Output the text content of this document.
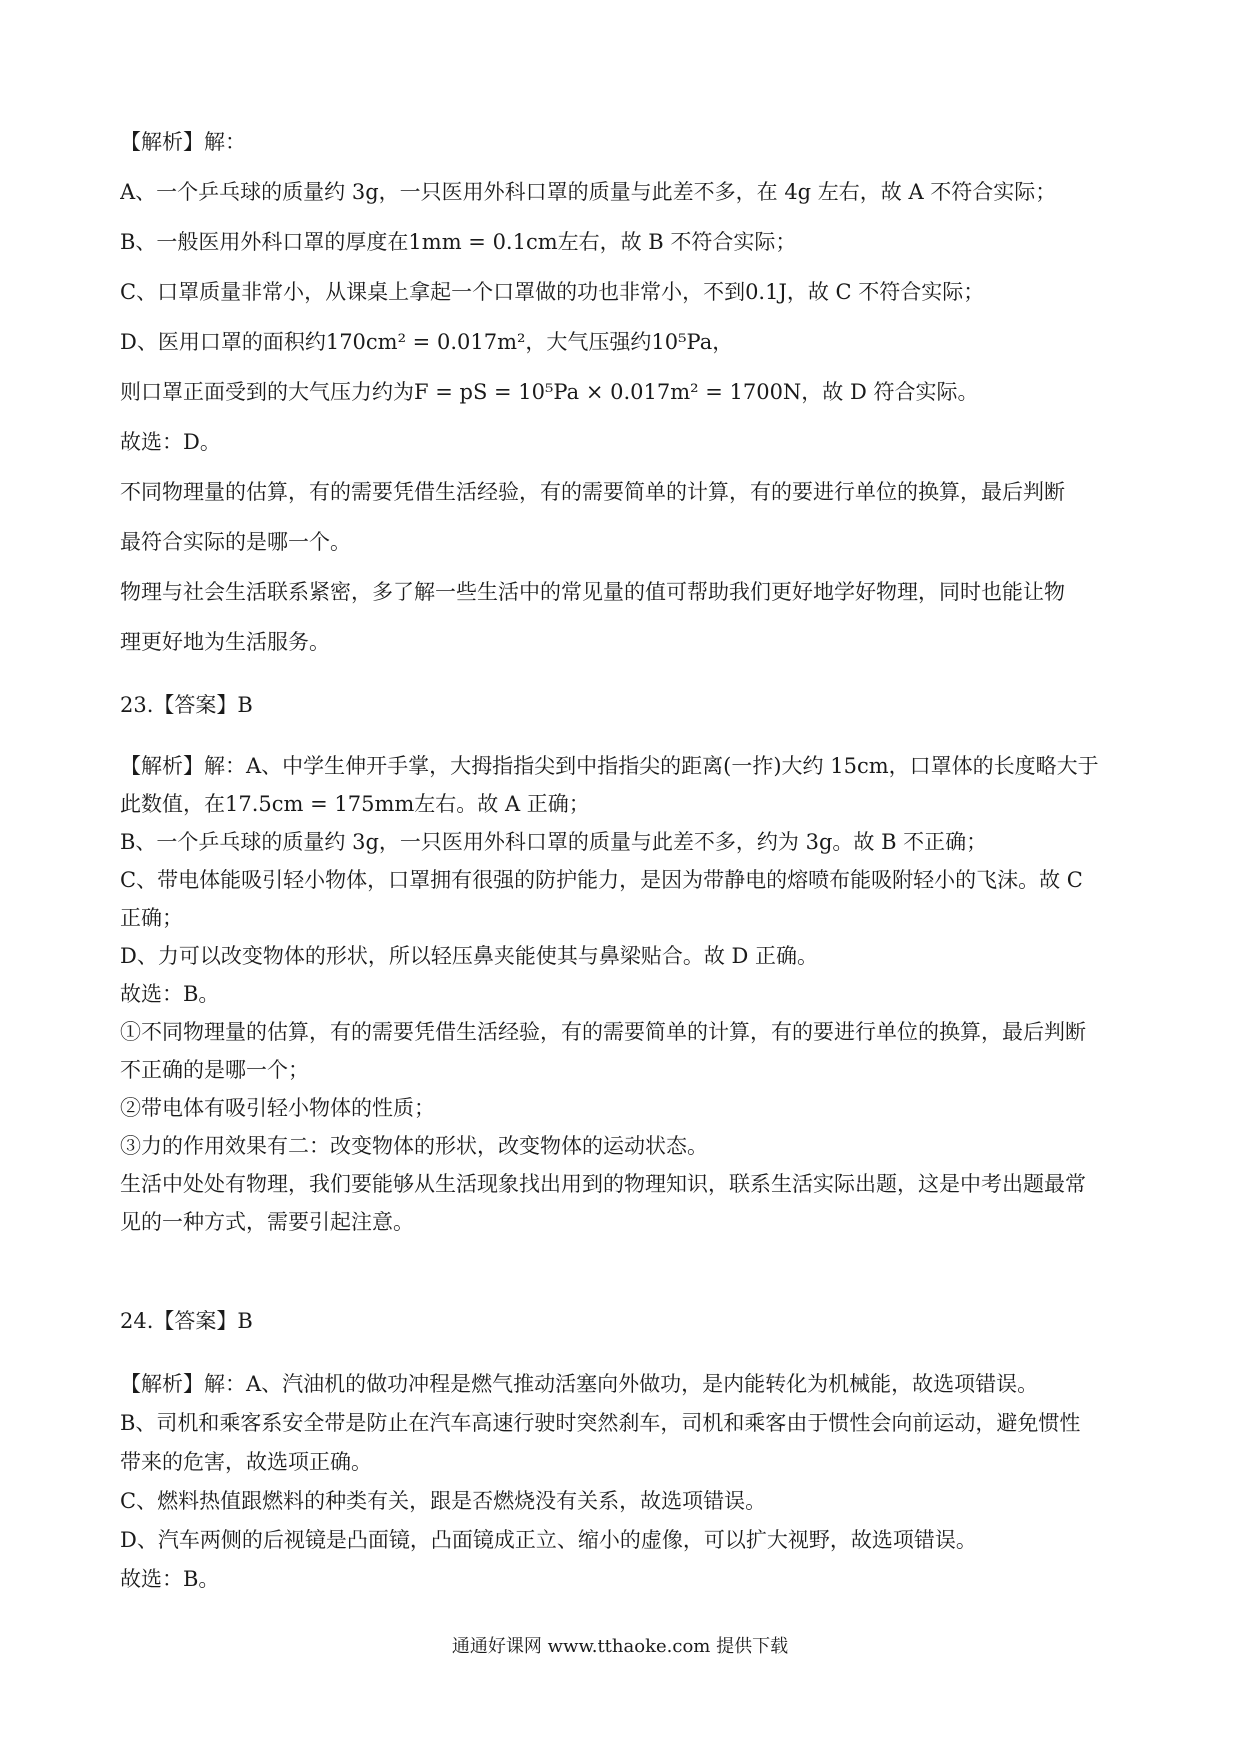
【解析】解：
A、一个乒乓球的质量约 3g，一只医用外科口罩的质量与此差不多，在 4g 左右，故 A 不符合实际；
B、一般医用外科口罩的厚度在1mm = 0.1cm左右，故 B 不符合实际；
C、口罩质量非常小，从课桌上拿起一个口罩做的功也非常小，不到0.1J，故 C 不符合实际；
D、医用口罩的面积约170cm² = 0.017m²，大气压强约10⁵Pa，
则口罩正面受到的大气压力约为F = pS = 10⁵Pa × 0.017m² = 1700N，故 D 符合实际。
故选：D。
不同物理量的估算，有的需要凭借生活经验，有的需要简单的计算，有的要进行单位的换算，最后判断
最符合实际的是哪一个。
物理与社会生活联系紧密，多了解一些生活中的常见量的值可帮助我们更好地学好物理，同时也能让物
理更好地为生活服务。
23.【答案】B
【解析】解：A、中学生伸开手掌，大拇指指尖到中指指尖的距离(一拃)大约 15cm，口罩体的长度略大于
此数值，在17.5cm = 175mm左右。故 A 正确；
B、一个乒乓球的质量约 3g，一只医用外科口罩的质量与此差不多，约为 3g。故 B 不正确；
C、带电体能吸引轻小物体，口罩拥有很强的防护能力，是因为带静电的熔喷布能吸附轻小的飞沫。故 C
正确；
D、力可以改变物体的形状，所以轻压鼻夹能使其与鼻梁贴合。故 D 正确。
故选：B。
①不同物理量的估算，有的需要凭借生活经验，有的需要简单的计算，有的要进行单位的换算，最后判断
不正确的是哪一个；
②带电体有吸引轻小物体的性质；
③力的作用效果有二：改变物体的形状，改变物体的运动状态。
生活中处处有物理，我们要能够从生活现象找出用到的物理知识，联系生活实际出题，这是中考出题最常
见的一种方式，需要引起注意。
24.【答案】B
【解析】解：A、汽油机的做功冲程是燃气推动活塞向外做功，是内能转化为机械能，故选项错误。
B、司机和乘客系安全带是防止在汽车高速行驶时突然刹车，司机和乘客由于惯性会向前运动，避免惯性
带来的危害，故选项正确。
C、燃料热值跟燃料的种类有关，跟是否燃烧没有关系，故选项错误。
D、汽车两侧的后视镜是凸面镜，凸面镜成正立、缩小的虚像，可以扩大视野，故选项错误。
故选：B。
通通好课网 www.tthaoke.com 提供下载
